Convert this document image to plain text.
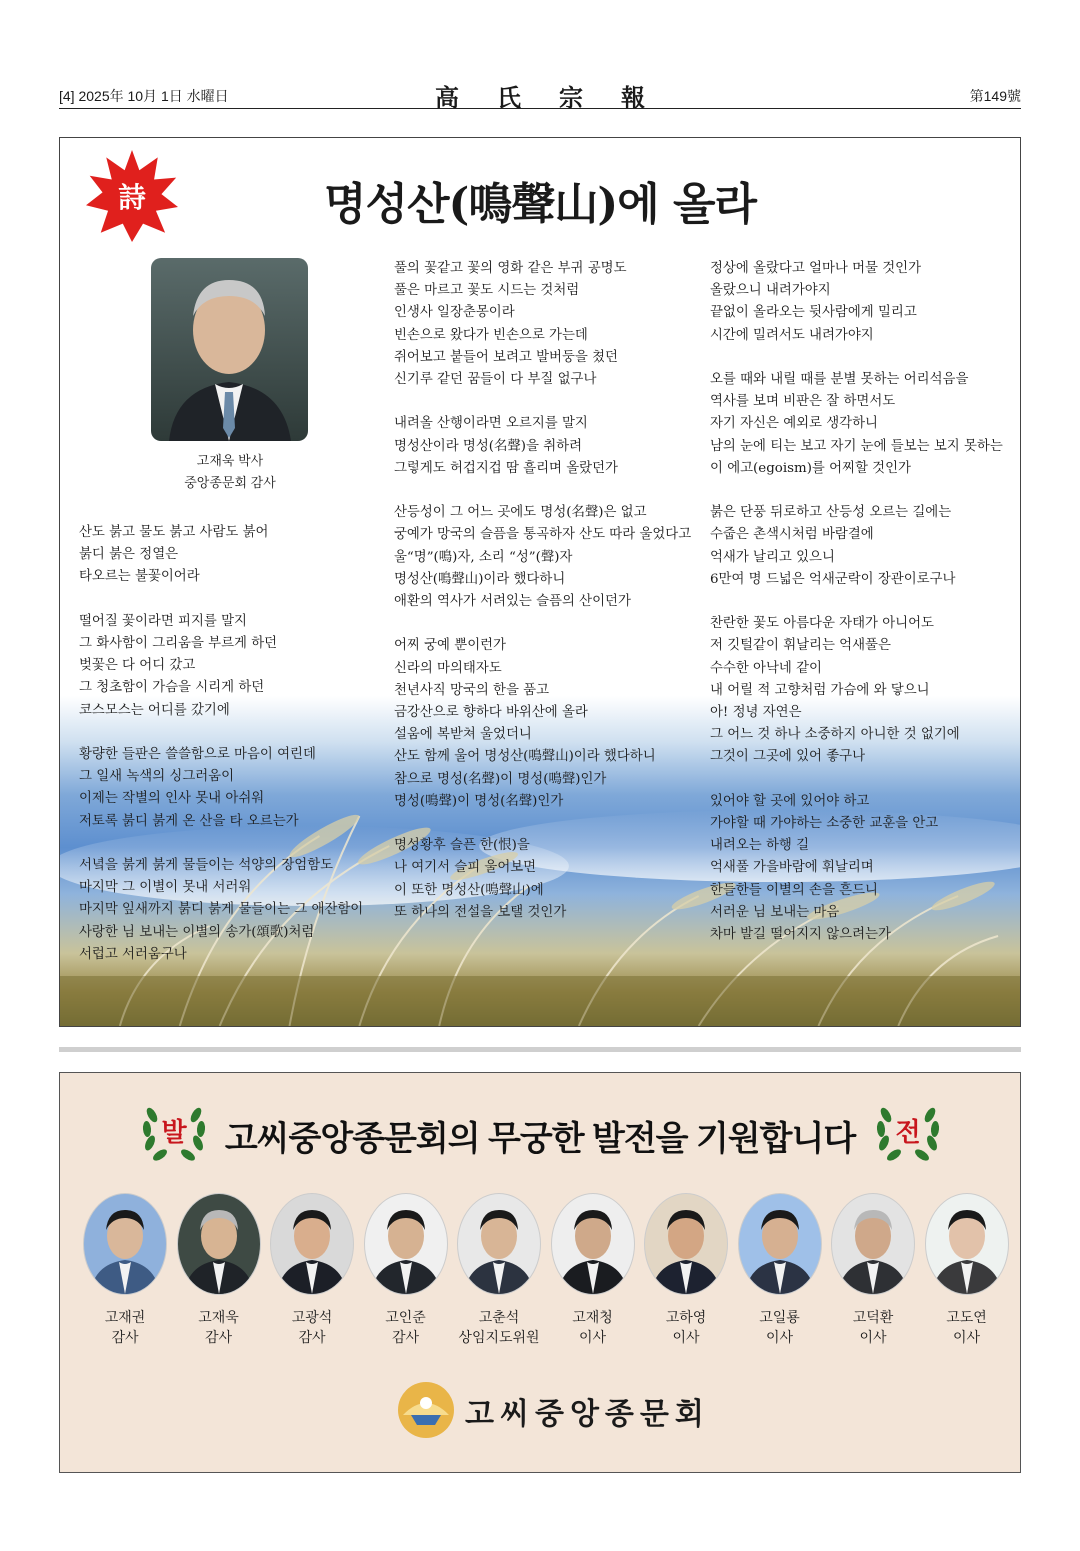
[4] 2025年 10月 1日 水曜日	高氏宗報	第149號
詩	명성산(鳴聲山)에 올라
고재욱 박사
중앙종문회 감사
산도 붉고 물도 붉고 사람도 붉어
붉디 붉은 정열은
타오르는 불꽃이어라
떨어질 꽃이라면 피지를 말지
그 화사함이 그리움을 부르게 하던
벚꽃은 다 어디 갔고
그 청초함이 가슴을 시리게 하던
코스모스는 어디를 갔기에
황량한 들판은 쓸쓸함으로 마음이 여린데
그 일새 녹색의 싱그러움이
이제는 작별의 인사 못내 아쉬워
저토록 붉디 붉게 온 산을 타 오르는가
서녘을 붉게 붉게 물들이는 석양의 장엄함도
마지막 그 이별이 못내 서러워
마지막 잎새까지 붉디 붉게 물들이는 그 애잔함이
사랑한 님 보내는 이별의 송가(頌歌)처럼
서럽고 서러움구나
풀의 꽃같고 꽃의 영화 같은 부귀 공명도
풀은 마르고 꽃도 시드는 것처럼
인생사 일장춘몽이라
빈손으로 왔다가 빈손으로 가는데
쥐어보고 붙들어 보려고 발버둥을 쳤던
신기루 같던 꿈들이 다 부질 없구나
내려올 산행이라면 오르지를 말지
명성산이라 명성(名聲)을 취하려
그렇게도 허겁지겁 땀 흘리며 올랐던가
산등성이 그 어느 곳에도 명성(名聲)은 없고
궁예가 망국의 슬픔을 통곡하자 산도 따라 울었다고
울“명”(鳴)자, 소리 “성”(聲)자
명성산(鳴聲山)이라 했다하니
애환의 역사가 서려있는 슬픔의 산이던가
어찌 궁예 뿐이런가
신라의 마의태자도
천년사직 망국의 한을 품고
금강산으로 향하다 바위산에 올라
설움에 복받쳐 울었더니
산도 함께 울어 명성산(鳴聲山)이라 했다하니
참으로 명성(名聲)이 명성(鳴聲)인가
명성(鳴聲)이 명성(名聲)인가
명성황후 슬픈 한(恨)을
나 여기서 슬피 울어보면
이 또한 명성산(鳴聲山)에
또 하나의 전설을 보탤 것인가
정상에 올랐다고 얼마나 머물 것인가
올랐으니 내려가야지
끝없이 올라오는 뒷사람에게 밀리고
시간에 밀려서도 내려가야지
오를 때와 내릴 때를 분별 못하는 어리석음을
역사를 보며 비판은 잘 하면서도
자기 자신은 예외로 생각하니
남의 눈에 티는 보고 자기 눈에 들보는 보지 못하는
이 에고(egoism)를 어찌할 것인가
붉은 단풍 뒤로하고 산등성 오르는 길에는
수줍은 촌색시처럼 바람결에
억새가 날리고 있으니
6만여 명 드넓은 억새군락이 장관이로구나
찬란한 꽃도 아름다운 자태가 아니어도
저 깃털같이 휘날리는 억새풀은
수수한 아낙네 같이
내 어릴 적 고향처럼 가슴에 와 닿으니
아! 정녕 자연은
그 어느 것 하나 소중하지 아니한 것 없기에
그것이 그곳에 있어 좋구나
있어야 할 곳에 있어야 하고
가야할 때 가야하는 소중한 교훈을 안고
내려오는 하행 길
억새풀 가을바람에 휘날리며
한들한들 이별의 손을 흔드니
서러운 님 보내는 마음
차마 발길 떨어지지 않으려는가
발	고씨중앙종문회의 무궁한 발전을 기원합니다	전
고재권
감사
고재욱
감사
고광석
감사
고인준
감사
고춘석
상임지도위원
고재청
이사
고하영
이사
고일룡
이사
고덕환
이사
고도연
이사
고씨중앙종문회
